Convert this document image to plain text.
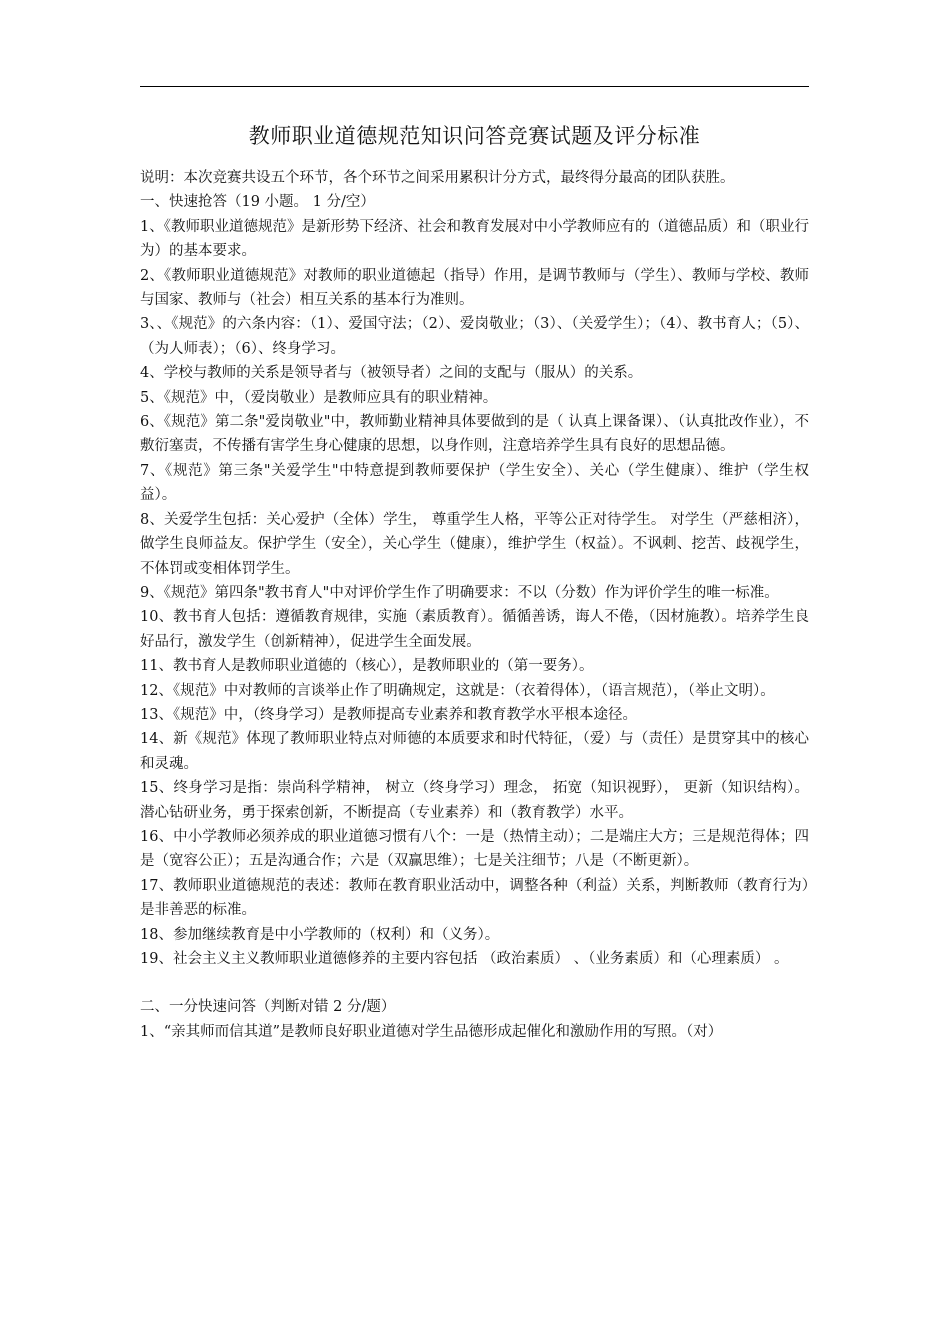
教师职业道德规范知识问答竞赛试题及评分标准

说明：本次竞赛共设五个环节，各个环节之间采用累积计分方式，最终得分最高的团队获胜。

一、快速抢答（19 小题。 1 分/空）

1、《教师职业道德规范》是新形势下经济、社会和教育发展对中小学教师应有的（道德品质）和（职业行为）的基本要求。

2、《教师职业道德规范》对教师的职业道德起（指导）作用，是调节教师与（学生）、教师与学校、教师与国家、教师与（社会）相互关系的基本行为准则。

3、、《规范》的六条内容：（1）、爱国守法；（2）、爱岗敬业；（3）、（关爱学生）；（4）、教书育人；（5）、（为人师表）；（6）、终身学习。

4、学校与教师的关系是领导者与（被领导者）之间的支配与（服从）的关系。

5、《规范》中，（爱岗敬业）是教师应具有的职业精神。

6、《规范》第二条"爱岗敬业"中，教师勤业精神具体要做到的是（ 认真上课备课）、（认真批改作业），不敷衍塞责，不传播有害学生身心健康的思想，以身作则，注意培养学生具有良好的思想品德。

7、《规范》第三条"关爱学生"中特意提到教师要保护（学生安全）、关心（学生健康）、维护（学生权益）。

8、关爱学生包括：关心爱护（全体）学生， 尊重学生人格，平等公正对待学生。 对学生（严慈相济），做学生良师益友。保护学生（安全），关心学生（健康），维护学生（权益）。不讽刺、挖苦、歧视学生，不体罚或变相体罚学生。

9、《规范》第四条"教书育人"中对评价学生作了明确要求：不以（分数）作为评价学生的唯一标准。

10、教书育人包括：遵循教育规律，实施（素质教育）。循循善诱，诲人不倦，（因材施教）。培养学生良好品行，激发学生（创新精神），促进学生全面发展。

11、教书育人是教师职业道德的（核心），是教师职业的（第一要务）。

12、《规范》中对教师的言谈举止作了明确规定，这就是：（衣着得体），（语言规范），（举止文明）。

13、《规范》中，（终身学习）是教师提高专业素养和教育教学水平根本途径。

14、新《规范》体现了教师职业特点对师德的本质要求和时代特征，（爱）与（责任）是贯穿其中的核心和灵魂。

15、终身学习是指：崇尚科学精神， 树立（终身学习）理念， 拓宽（知识视野）， 更新（知识结构）。潜心钻研业务，勇于探索创新，不断提高（专业素养）和（教育教学）水平。

16、中小学教师必须养成的职业道德习惯有八个：一是（热情主动）；二是端庄大方；三是规范得体；四是（宽容公正）；五是沟通合作；六是（双赢思维）；七是关注细节；八是（不断更新）。

17、教师职业道德规范的表述：教师在教育职业活动中，调整各种（利益）关系，判断教师（教育行为）是非善恶的标准。

18、参加继续教育是中小学教师的（权利）和（义务）。

19、社会主义主义教师职业道德修养的主要内容包括 （政治素质） 、（业务素质）和（心理素质） 。

二、一分快速问答（判断对错 2 分/题）

1、“亲其师而信其道”是教师良好职业道德对学生品德形成起催化和激励作用的写照。（对）
